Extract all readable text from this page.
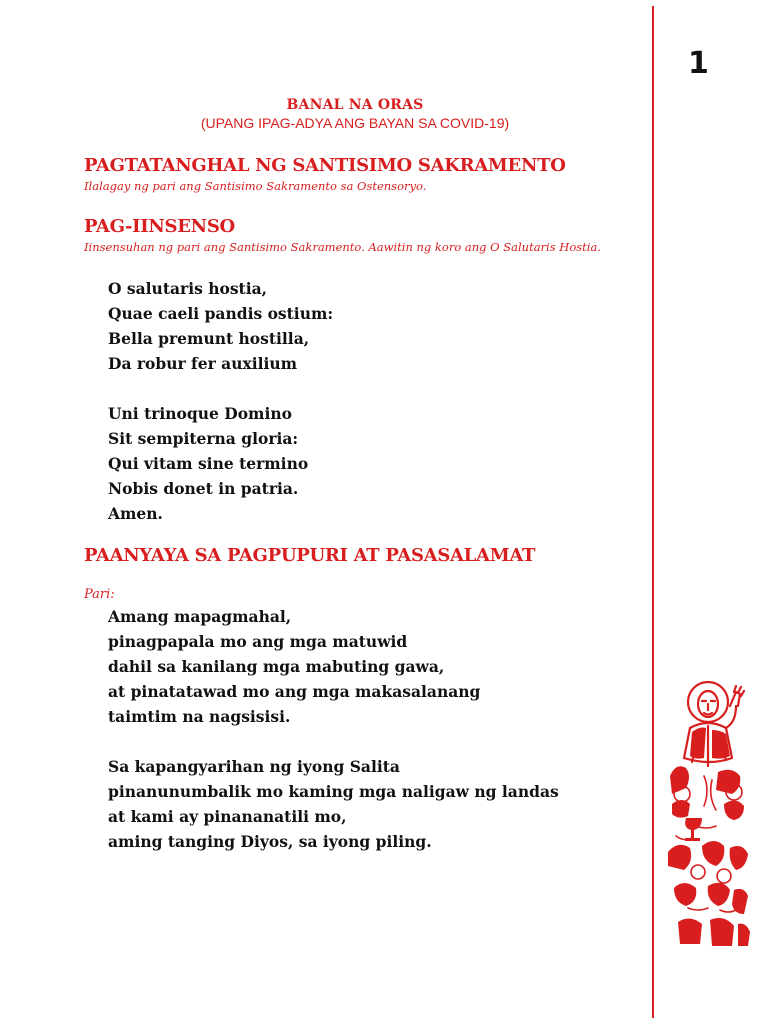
1

BANAL NA ORAS

(UPANG IPAG-ADYA ANG BAYAN SA COVID-19)

PAGTATANGHAL NG SANTISIMO SAKRAMENTO

Ilalagay ng pari ang Santisimo Sakramento sa Ostensoryo.

PAG-IINSENSO

Iinsensuhan ng pari ang Santisimo Sakramento. Aawitin ng koro ang O Salutaris Hostia.

O salutaris hostia,
Quae caeli pandis ostium:
Bella premunt hostilla,
Da robur fer auxilium
Uni trinoque Domino
Sit sempiterna gloria:
Qui vitam sine termino
Nobis donet in patria.
Amen.

PAANYAYA SA PAGPUPURI AT PASASALAMAT

Pari:

Amang mapagmahal,
pinagpapala mo ang mga matuwid
dahil sa kanilang mga mabuting gawa,
at pinatatawad mo ang mga makasalanang
taimtim na nagsisisi.
Sa kapangyarihan ng iyong Salita
pinanunumbalik mo kaming mga naligaw ng landas
at kami ay pinananatili mo,
aming tanging Diyos, sa iyong piling.
